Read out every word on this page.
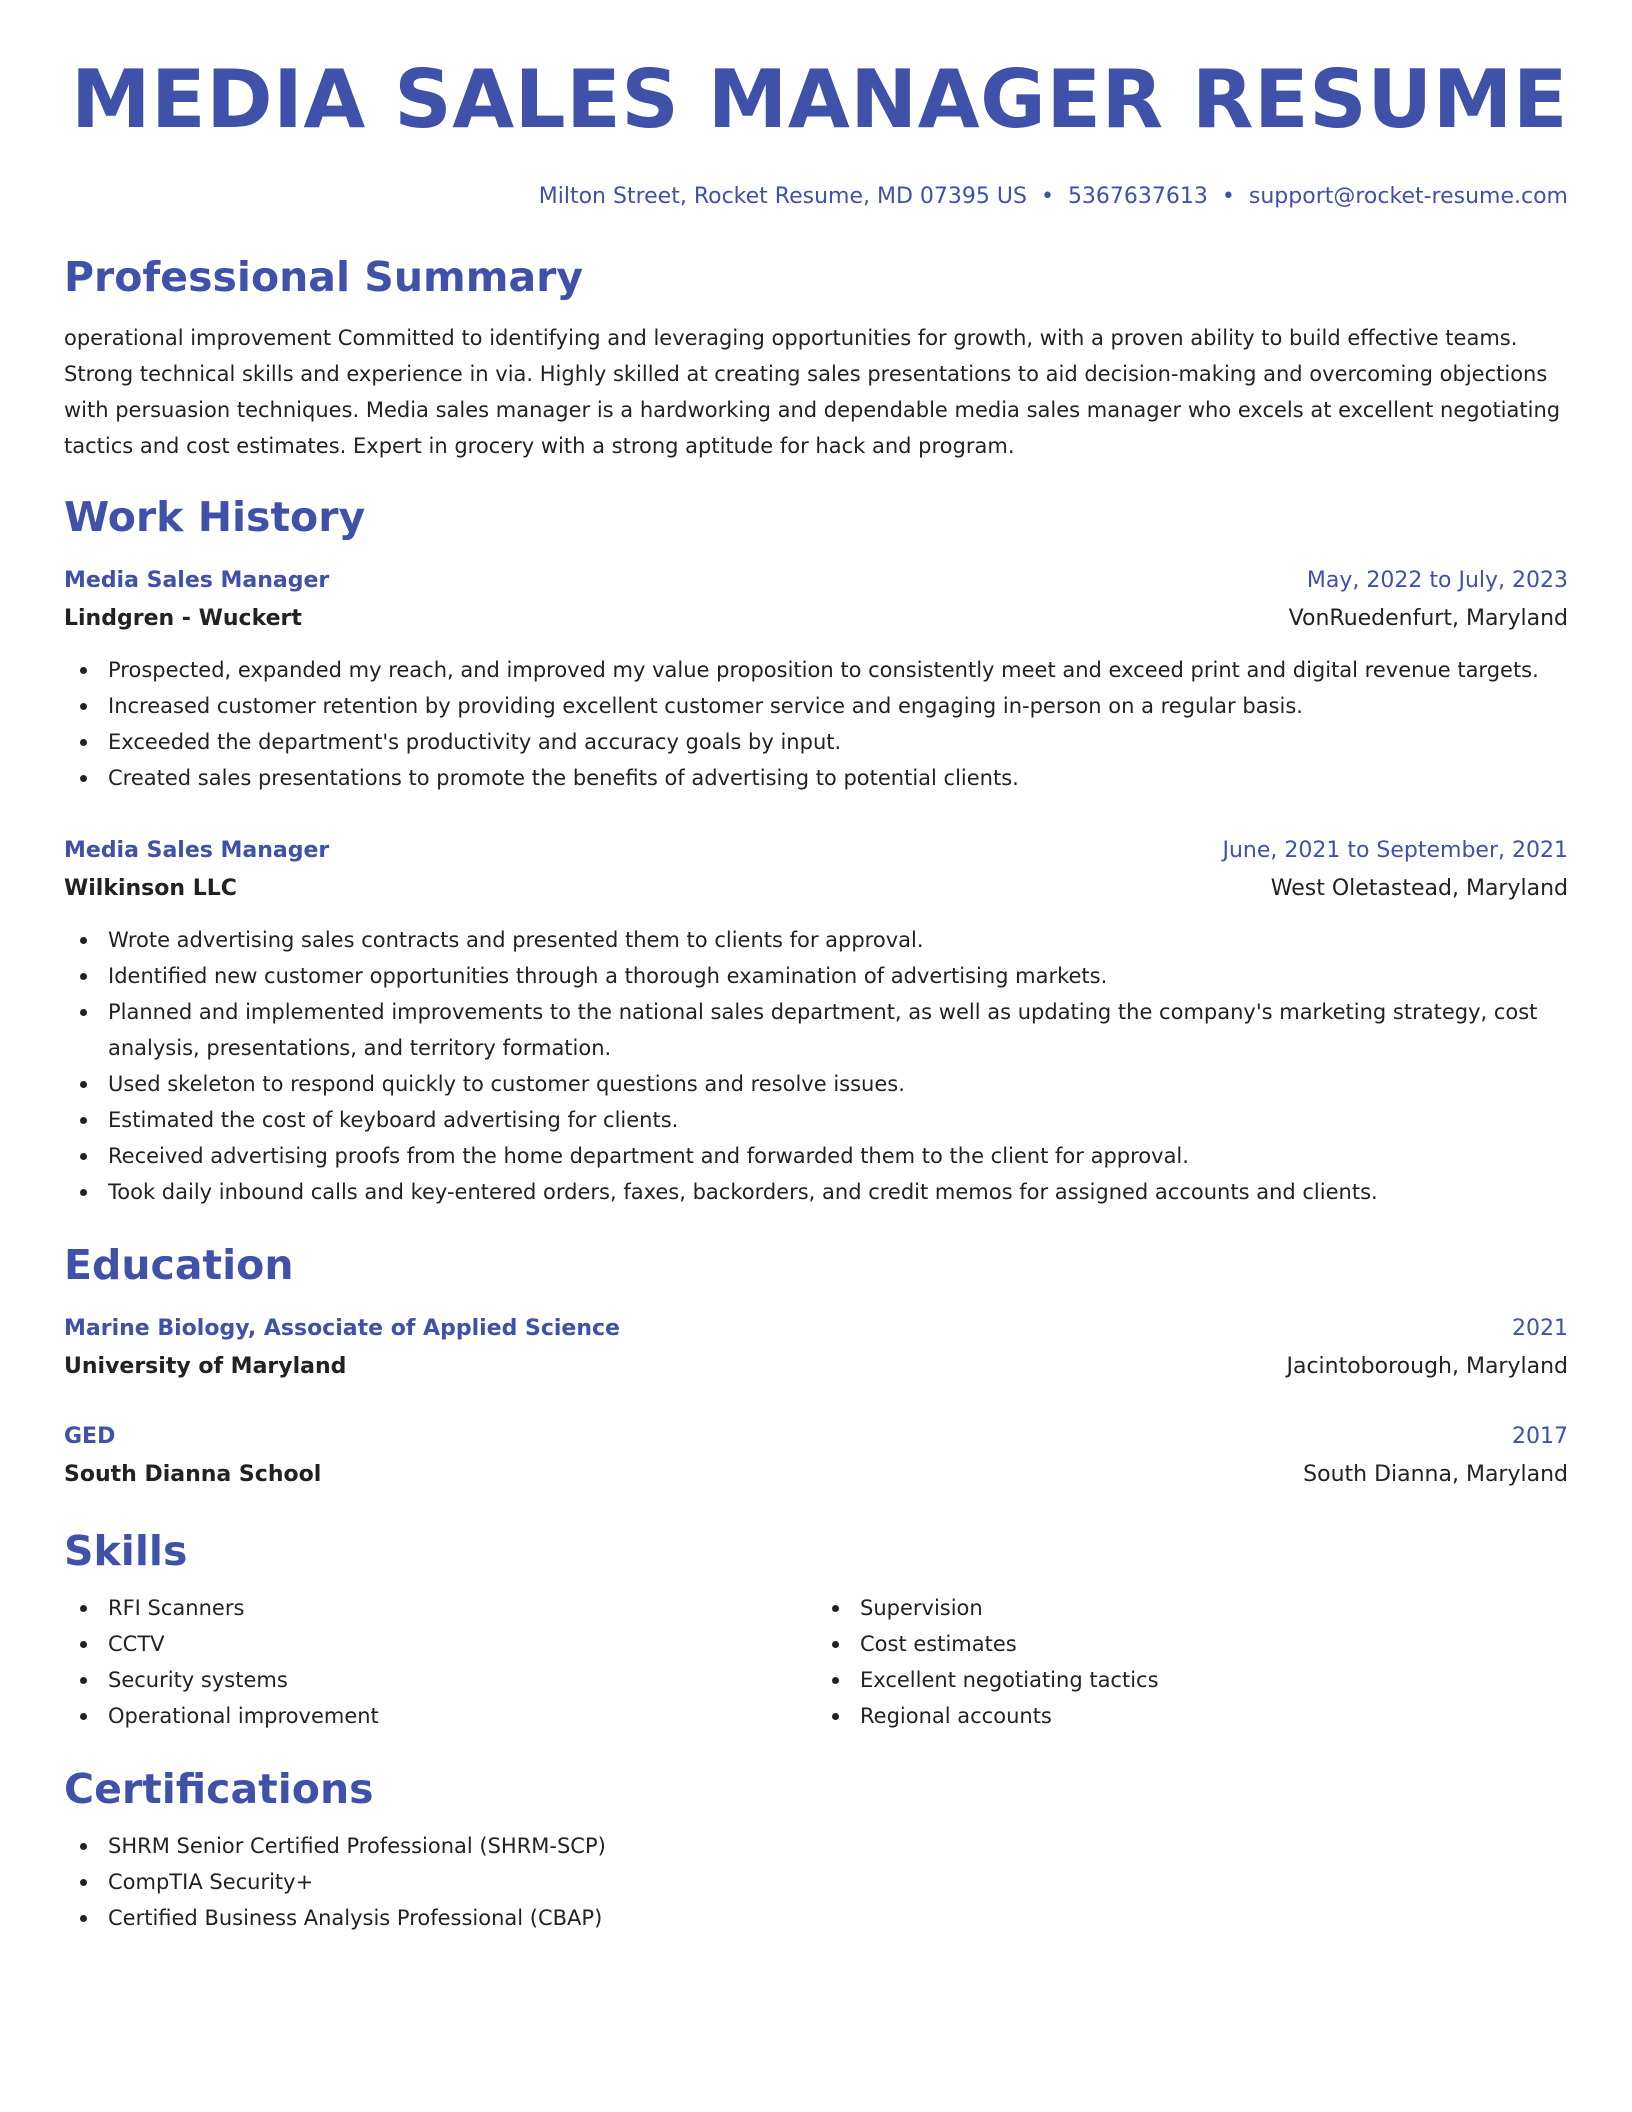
MEDIA SALES MANAGER RESUME
Milton Street, Rocket Resume, MD 07395 US • 5367637613 • support@rocket-resume.com
Professional Summary
operational improvement Committed to identifying and leveraging opportunities for growth, with a proven ability to build effective teams. Strong technical skills and experience in via. Highly skilled at creating sales presentations to aid decision-making and overcoming objections with persuasion techniques. Media sales manager is a hardworking and dependable media sales manager who excels at excellent negotiating tactics and cost estimates. Expert in grocery with a strong aptitude for hack and program.
Work History
Media Sales Manager	May, 2022 to July, 2023
Lindgren - Wuckert	VonRuedenfurt, Maryland
Prospected, expanded my reach, and improved my value proposition to consistently meet and exceed print and digital revenue targets.
Increased customer retention by providing excellent customer service and engaging in-person on a regular basis.
Exceeded the department's productivity and accuracy goals by input.
Created sales presentations to promote the benefits of advertising to potential clients.
Media Sales Manager	June, 2021 to September, 2021
Wilkinson LLC	West Oletastead, Maryland
Wrote advertising sales contracts and presented them to clients for approval.
Identified new customer opportunities through a thorough examination of advertising markets.
Planned and implemented improvements to the national sales department, as well as updating the company's marketing strategy, cost analysis, presentations, and territory formation.
Used skeleton to respond quickly to customer questions and resolve issues.
Estimated the cost of keyboard advertising for clients.
Received advertising proofs from the home department and forwarded them to the client for approval.
Took daily inbound calls and key-entered orders, faxes, backorders, and credit memos for assigned accounts and clients.
Education
Marine Biology, Associate of Applied Science	2021
University of Maryland	Jacintoborough, Maryland
GED	2017
South Dianna School	South Dianna, Maryland
Skills
RFI Scanners
CCTV
Security systems
Operational improvement
Supervision
Cost estimates
Excellent negotiating tactics
Regional accounts
Certifications
SHRM Senior Certified Professional (SHRM-SCP)
CompTIA Security+
Certified Business Analysis Professional (CBAP)
